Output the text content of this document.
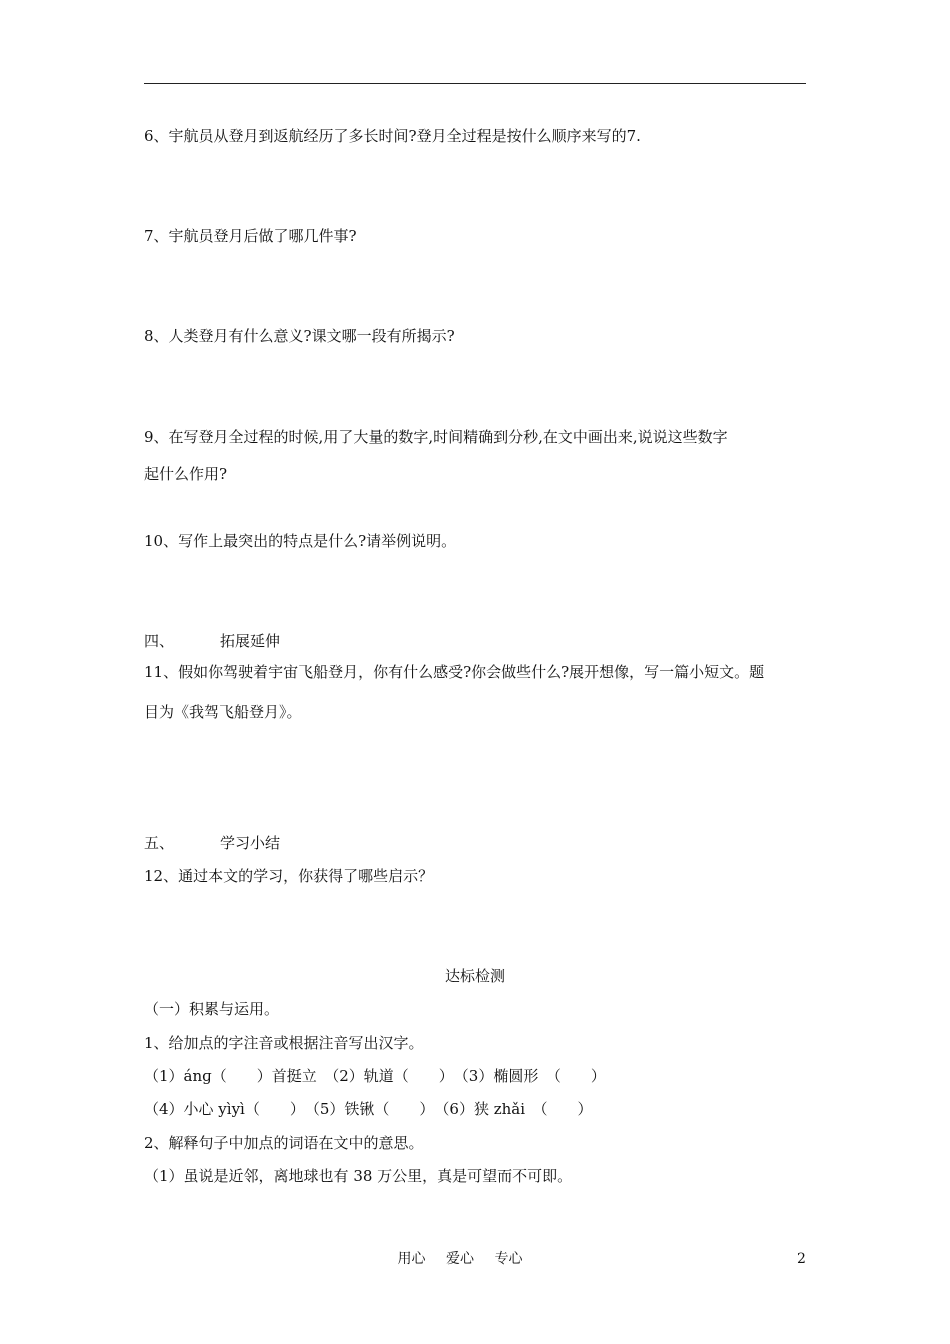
6、宇航员从登月到返航经历了多长时间?登月全过程是按什么顺序来写的7.
7、宇航员登月后做了哪几件事?
8、人类登月有什么意义?课文哪一段有所揭示?
9、在写登月全过程的时候,用了大量的数字,时间精确到分秒,在文中画出来,说说这些数字
起什么作用?
10、写作上最突出的特点是什么?请举例说明。
四、	拓展延伸
11、假如你驾驶着宇宙飞船登月，你有什么感受?你会做些什么?展开想像，写一篇小短文。题
目为《我驾飞船登月》。
五、	学习小结
12、通过本文的学习，你获得了哪些启示？
达标检测
（一）积累与运用。
1、给加点的字注音或根据注音写出汉字。
（1）ánɡ（　　）首挺立　（2）轨道（　　）　（3）椭圆形　（　　）
（4）小心 yìyì（　　）　（5）铁锹（　　）　（6）狭 zhǎi　（　　）
2、解释句子中加点的词语在文中的意思。
（1）虽说是近邻，离地球也有 38 万公里，真是可望而不可即。
用心 爱心 专心	2
